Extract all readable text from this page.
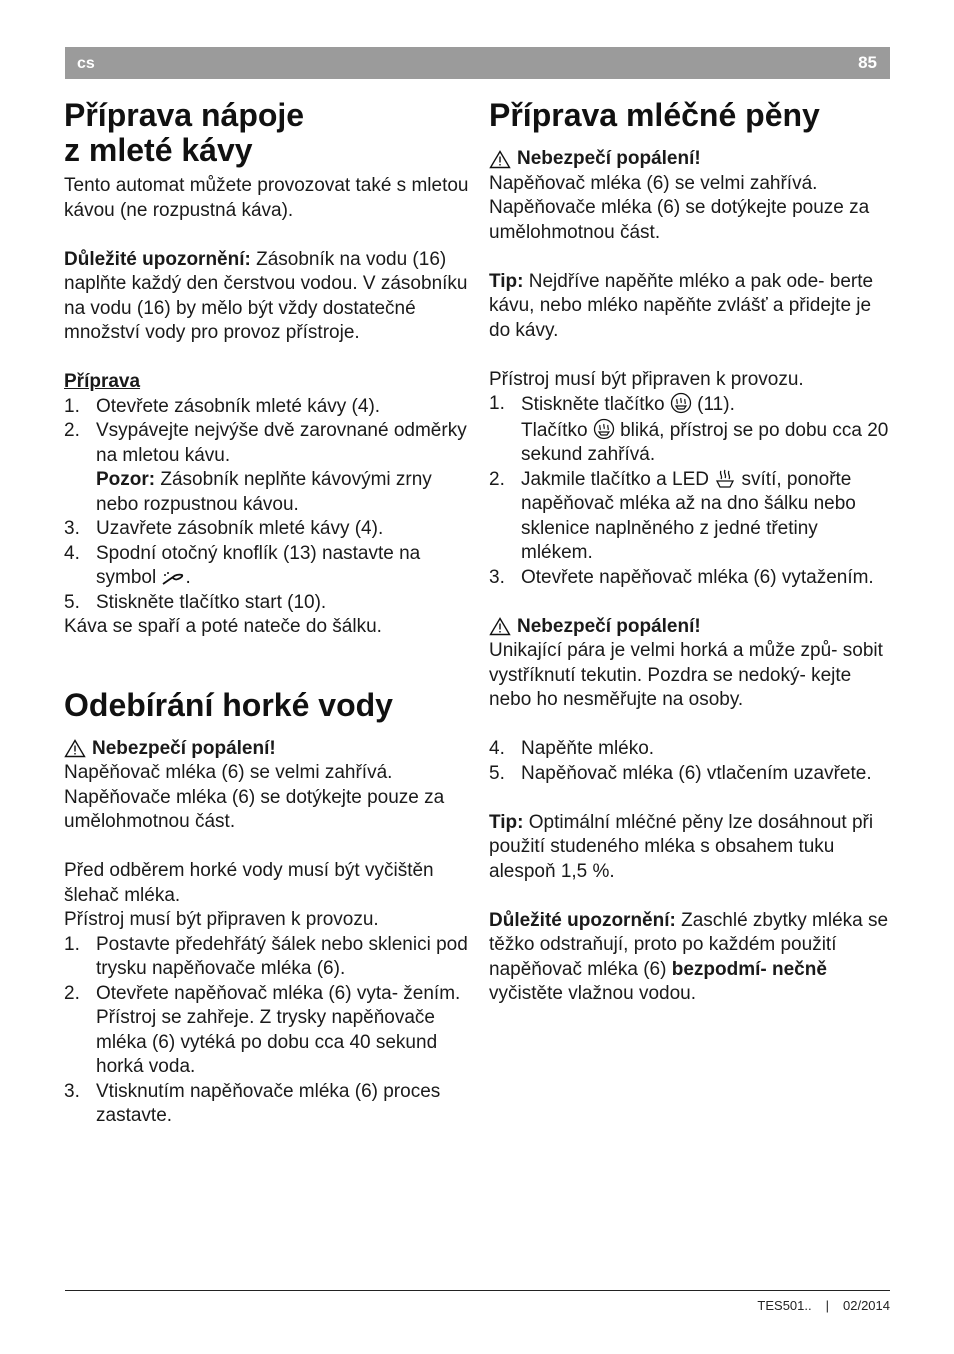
cs	85
Příprava nápoje
z mleté kávy

Tento automat můžete provozovat také s mletou kávou (ne rozpustná káva).

Důležité upozornění: Zásobník na vodu (16) naplňte každý den čerstvou vodou. V zásobníku na vodu (16) by mělo být vždy dostatečné množství vody pro provoz přístroje.

Příprava

1. Otevřete zásobník mleté kávy (4).
2. Vsypávejte nejvýše dvě zarovnané odměrky na mletou kávu.
Pozor: Zásobník neplňte kávovými zrny nebo rozpustnou kávou.
3. Uzavřete zásobník mleté kávy (4).
4. Spodní otočný knoflík (13) nastavte na symbol .
5. Stiskněte tlačítko start (10).

Káva se spaří a poté nateče do šálku.

Odebírání horké vody

Nebezpečí popálení!

Napěňovač mléka (6) se velmi zahřívá. Napěňovače mléka (6) se dotýkejte pouze za umělohmotnou část.

Před odběrem horké vody musí být vyčištěn šlehač mléka.

Přístroj musí být připraven k provozu.

1. Postavte předehřátý šálek nebo sklenici pod trysku napěňovače mléka (6).
2. Otevřete napěňovač mléka (6) vyta- žením. Přístroj se zahřeje. Z trysky napěňovače mléka (6) vytéká po dobu cca 40 sekund horká voda.
3. Vtisknutím napěňovače mléka (6) proces zastavte.
Příprava mléčné pěny

Nebezpečí popálení!

Napěňovač mléka (6) se velmi zahřívá. Napěňovače mléka (6) se dotýkejte pouze za umělohmotnou část.

Tip: Nejdříve napěňte mléko a pak ode- berte kávu, nebo mléko napěňte zvlášť a přidejte je do kávy.

Přístroj musí být připraven k provozu.

1. Stiskněte tlačítko  (11).
Tlačítko  bliká, přístroj se po dobu cca 20 sekund zahřívá.
2. Jakmile tlačítko a LED  svítí, ponořte napěňovač mléka až na dno šálku nebo sklenice naplněného z jedné třetiny mlékem.
3. Otevřete napěňovač mléka (6) vytažením.

Nebezpečí popálení!

Unikající pára je velmi horká a může způ- sobit vystříknutí tekutin. Pozdra se nedoký- kejte nebo ho nesměřujte na osoby.

4. Napěňte mléko.
5. Napěňovač mléka (6) vtlačením uzavřete.

Tip: Optimální mléčné pěny lze dosáhnout při použití studeného mléka s obsahem tuku alespoň 1,5 %.

Důležité upozornění: Zaschlé zbytky mléka se těžko odstraňují, proto po každém použití napěňovač mléka (6) bezpodmí- nečně vyčistěte vlažnou vodou.

TES501.. | 02/2014
